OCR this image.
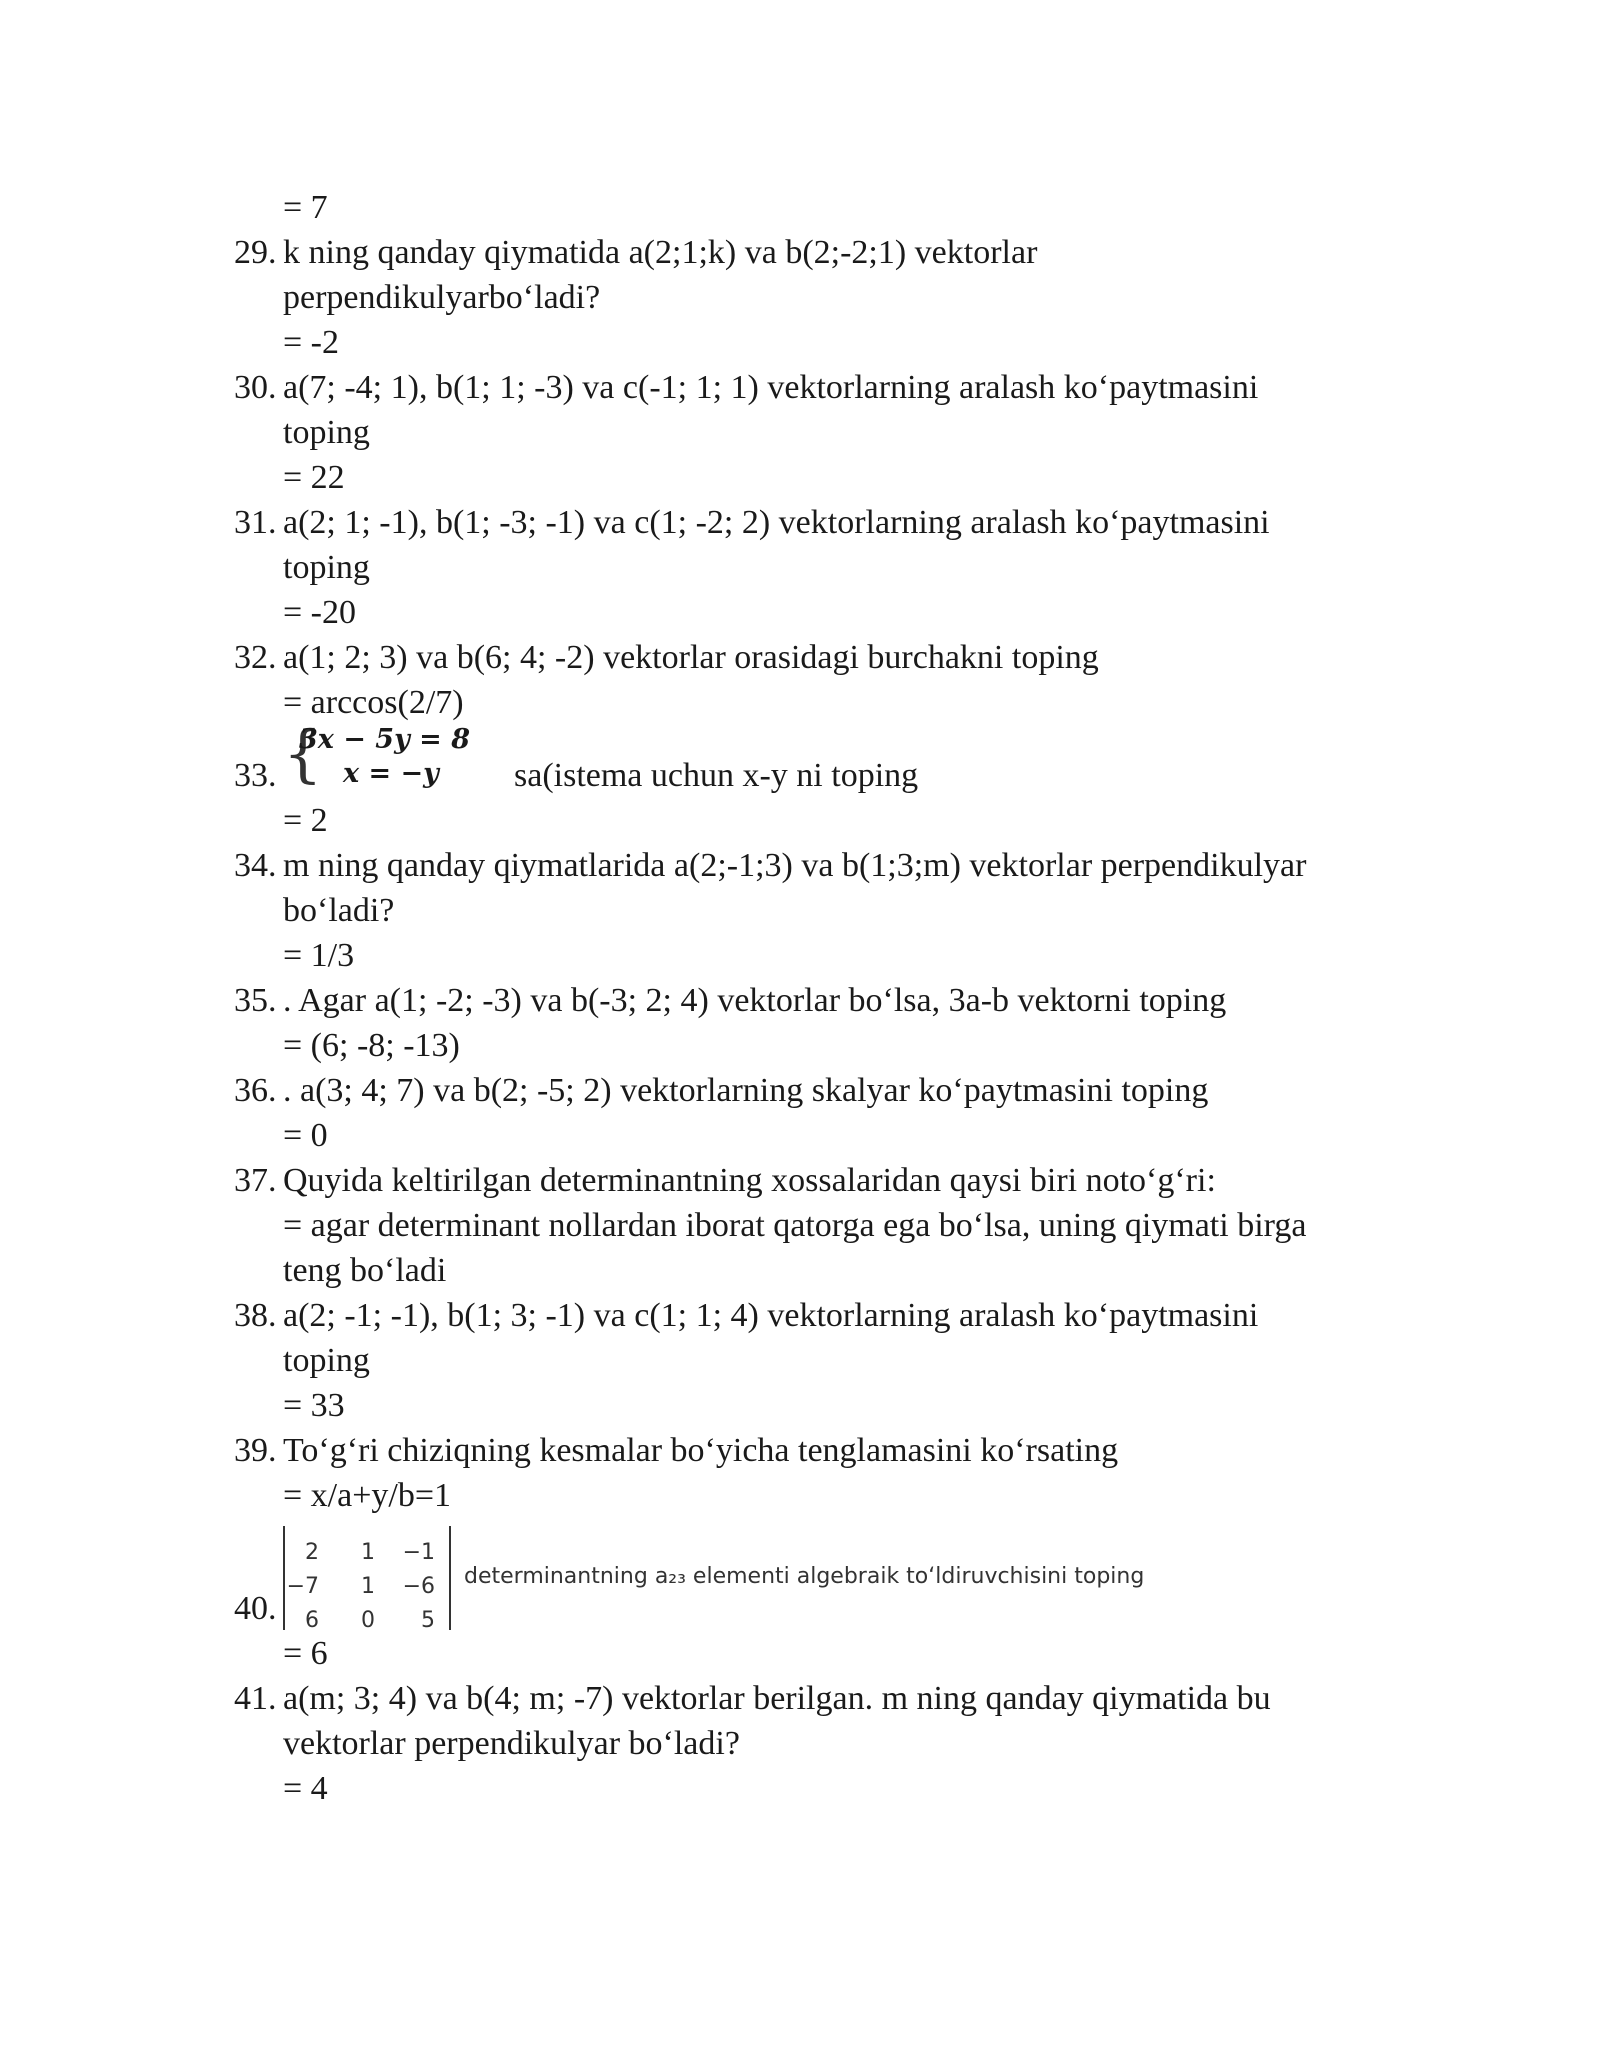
= 7
29. k ning qanday qiymatida a(2;1;k) va b(2;-2;1) vektorlar
perpendikulyarbo‘ladi?
= -2
30. a(7; -4; 1), b(1; 1; -3) va c(-1; 1; 1) vektorlarning aralash ko‘paytmasini
toping
= 22
31. a(2; 1; -1), b(1; -3; -1) va c(1; -2; 2) vektorlarning aralash ko‘paytmasini
toping
= -20
32. a(1; 2; 3) va b(6; 4; -2) vektorlar orasidagi burchakni toping
= arccos(2/7)
{
3x − 5y = 8
x = −y
33.	sa(istema uchun x-y ni toping
= 2
34. m ning qanday qiymatlarida a(2;-1;3) va b(1;3;m) vektorlar perpendikulyar
bo‘ladi?
= 1/3
35. . Agar a(1; -2; -3) va b(-3; 2; 4) vektorlar bo‘lsa, 3a-b vektorni toping
= (6; -8; -13)
36. . a(3; 4; 7) va b(2; -5; 2) vektorlarning skalyar ko‘paytmasini toping
= 0
37. Quyida keltirilgan determinantning xossalaridan qaysi biri noto‘g‘ri:
= agar determinant nollardan iborat qatorga ega bo‘lsa, uning qiymati birga
teng bo‘ladi
38. a(2; -1; -1), b(1; 3; -1) va c(1; 1; 4) vektorlarning aralash ko‘paytmasini
toping
= 33
39. To‘g‘ri chiziqning kesmalar bo‘yicha tenglamasini ko‘rsating
= x/a+y/b=1
2	1	−1
−7	1	−6
6	0	5
determinantning a₂₃ elementi algebraik to‘ldiruvchisini toping
40.
= 6
41. a(m; 3; 4) va b(4; m; -7) vektorlar berilgan. m ning qanday qiymatida bu
vektorlar perpendikulyar bo‘ladi?
= 4
